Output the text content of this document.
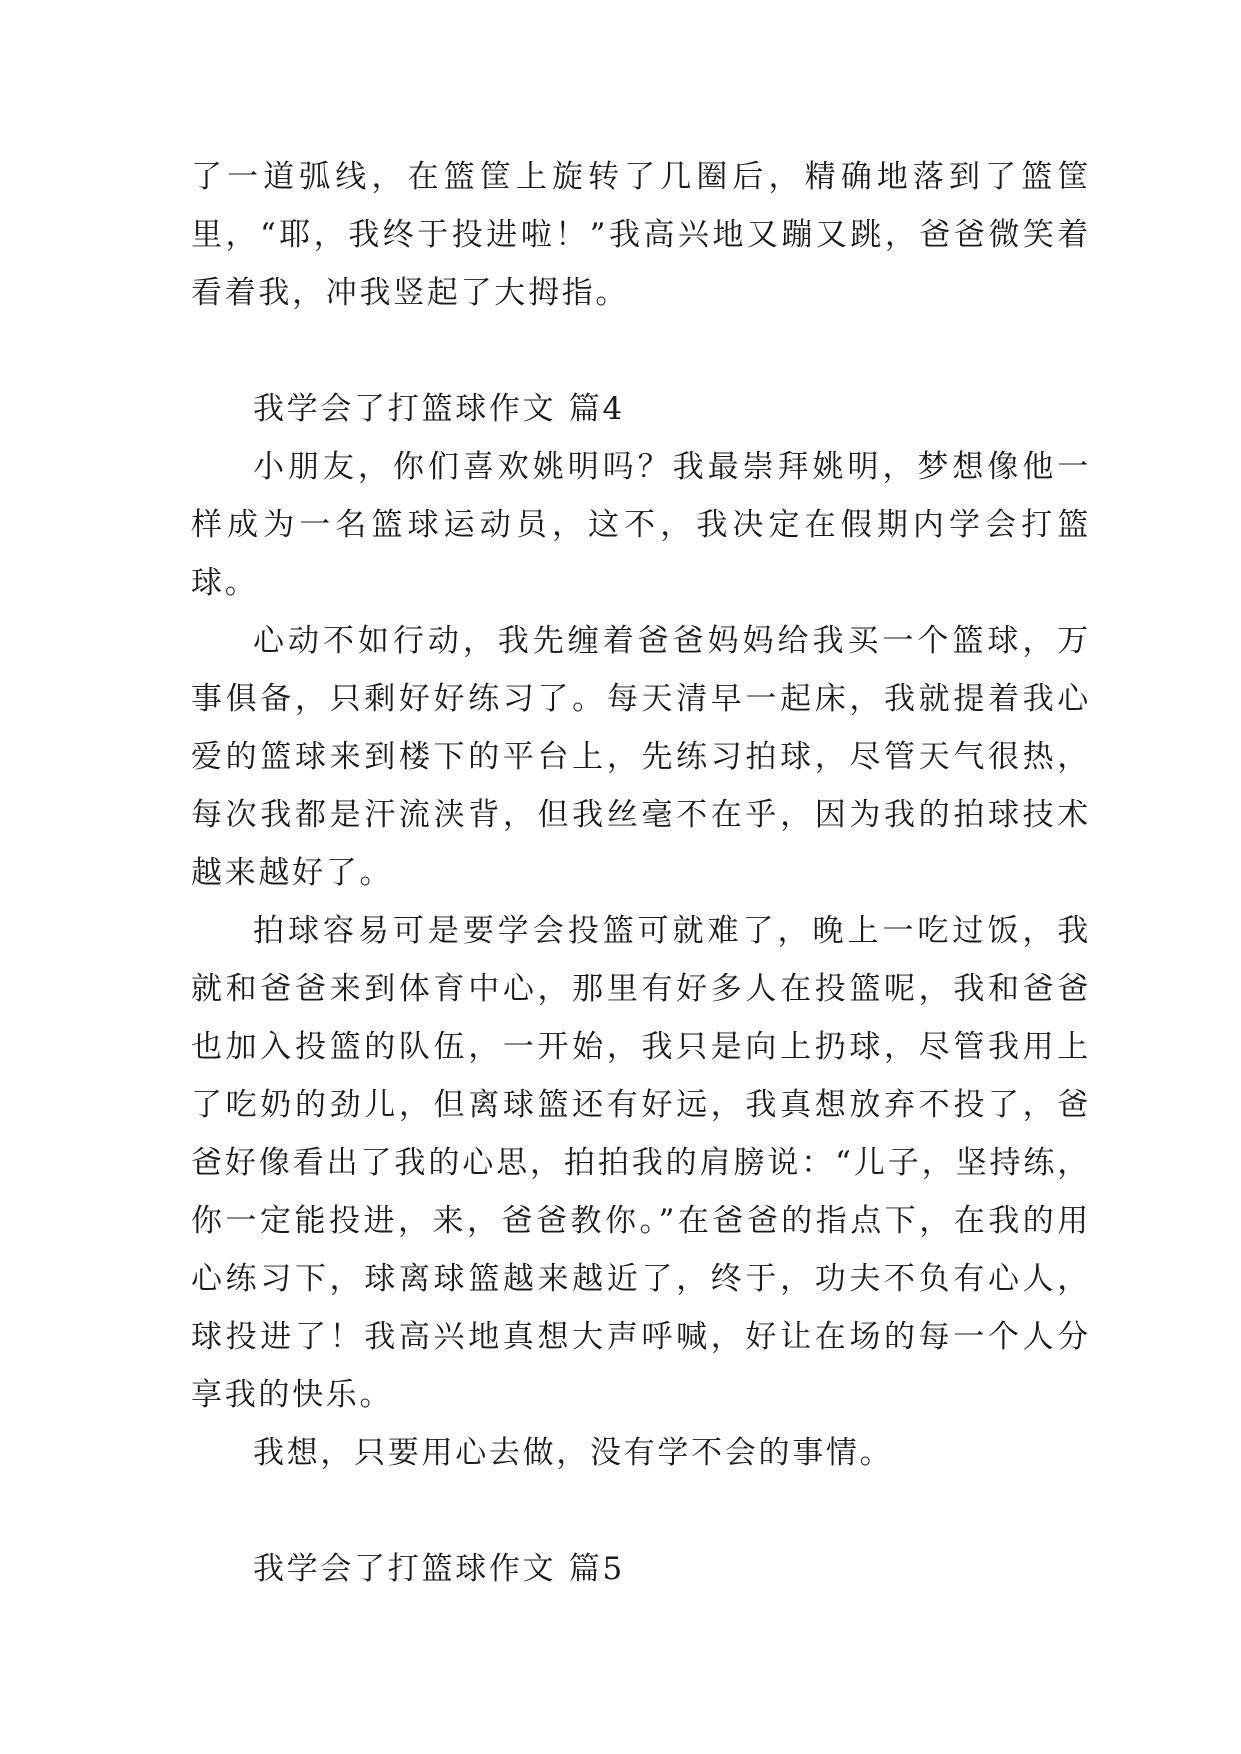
了一道弧线，在篮筐上旋转了几圈后，精确地落到了篮筐里，“耶，我终于投进啦！”我高兴地又蹦又跳，爸爸微笑着看着我，冲我竖起了大拇指。

我学会了打篮球作文 篇4

小朋友，你们喜欢姚明吗？我最崇拜姚明，梦想像他一样成为一名篮球运动员，这不，我决定在假期内学会打篮球。

心动不如行动，我先缠着爸爸妈妈给我买一个篮球，万事俱备，只剩好好练习了。每天清早一起床，我就提着我心爱的篮球来到楼下的平台上，先练习拍球，尽管天气很热，每次我都是汗流浃背，但我丝毫不在乎，因为我的拍球技术越来越好了。

拍球容易可是要学会投篮可就难了，晚上一吃过饭，我就和爸爸来到体育中心，那里有好多人在投篮呢，我和爸爸也加入投篮的队伍，一开始，我只是向上扔球，尽管我用上了吃奶的劲儿，但离球篮还有好远，我真想放弃不投了，爸爸好像看出了我的心思，拍拍我的肩膀说：“儿子，坚持练，你一定能投进，来，爸爸教你。”在爸爸的指点下，在我的用心练习下，球离球篮越来越近了，终于，功夫不负有心人，球投进了！我高兴地真想大声呼喊，好让在场的每一个人分享我的快乐。

我想，只要用心去做，没有学不会的事情。

我学会了打篮球作文 篇5
